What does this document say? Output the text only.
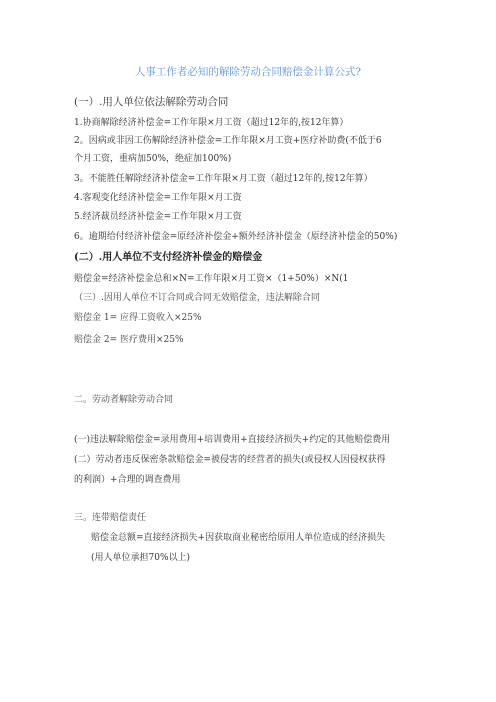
人事工作者必知的解除劳动合同赔偿金计算公式?
(一）.用人单位依法解除劳动合同
1.协商解除经济补偿金=工作年限×月工资（超过12年的,按12年算）
2。因病或非因工伤解除经济补偿金=工作年限×月工资+医疗补助费(不低于6
个月工资，重病加50%，绝症加100%)
3。不能胜任解除经济补偿金=工作年限×月工资（超过12年的,按12年算）
4.客观变化经济补偿金=工作年限×月工资
5.经济裁员经济补偿金=工作年限×月工资
6。逾期给付经济补偿金=原经济补偿金+额外经济补偿金（原经济补偿金的50%)
(二）.用人单位不支付经济补偿金的赔偿金
赔偿金=经济补偿金总和×N=工作年限×月工资×（1+50%）×N(1
（三）.因用人单位不订合同或合同无效赔偿金，违法解除合同
赔偿金 1= 应得工资收入×25%
赔偿金 2= 医疗费用×25%
二。劳动者解除劳动合同
(一)违法解除赔偿金=录用费用+培训费用+直接经济损失+约定的其他赔偿费用
(二）劳动者违反保密条款赔偿金=被侵害的经营者的损失(或侵权人因侵权获得
的利润）+合理的调查费用
三。连带赔偿责任
赔偿金总额=直接经济损失+因获取商业秘密给原用人单位造成的经济损失
(用人单位承担70%以上)
